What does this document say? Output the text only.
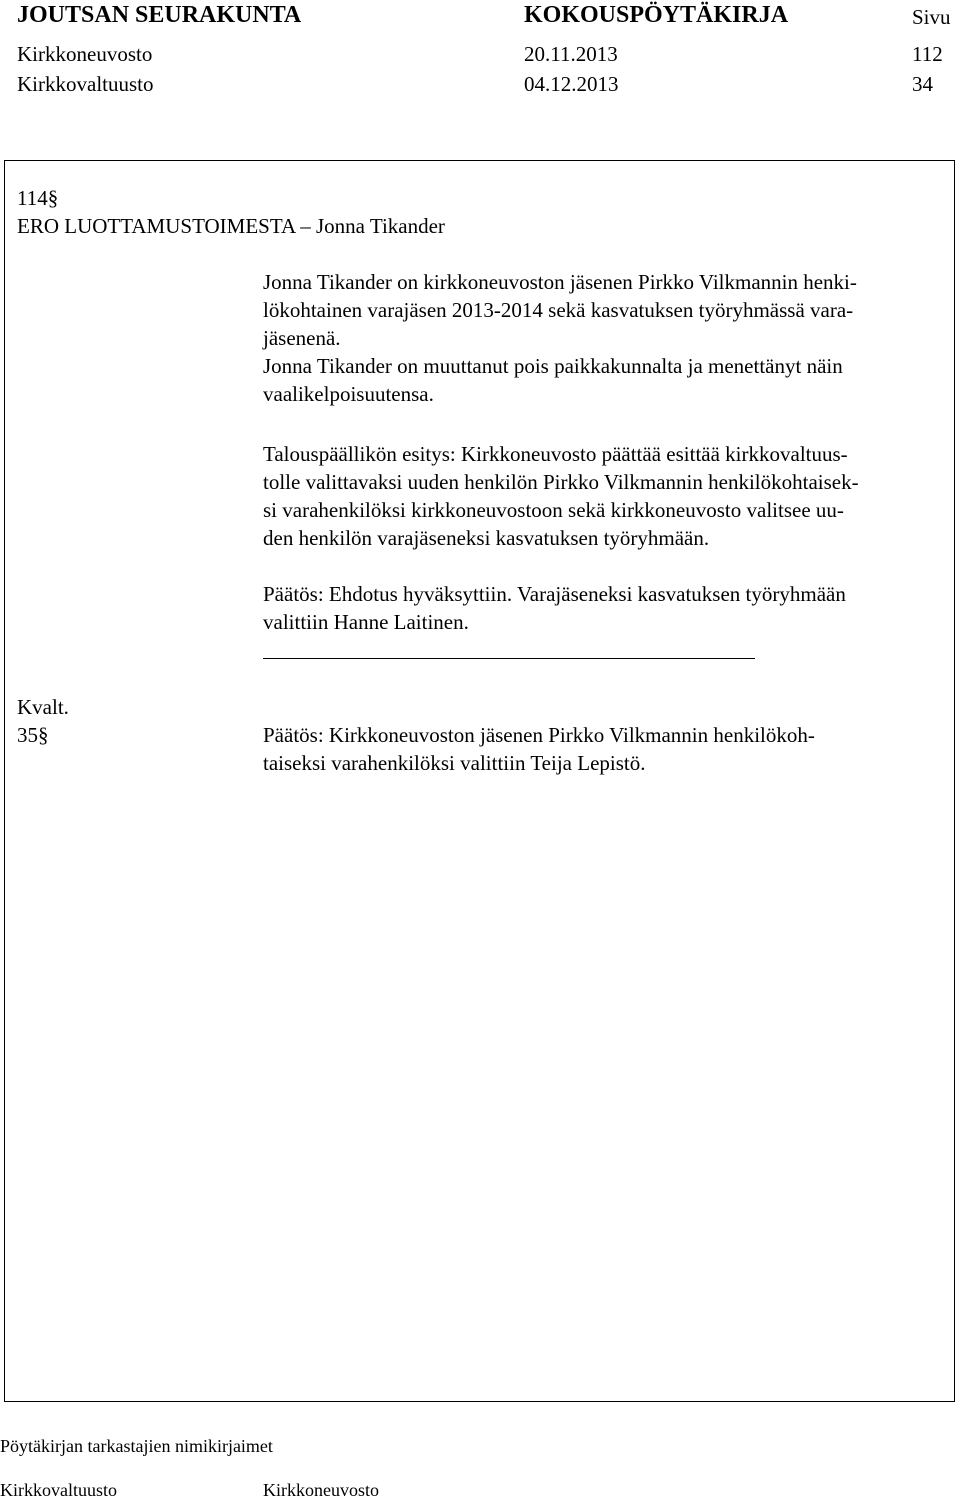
JOUTSAN SEURAKUNTA	KOKOUSPÖYTÄKIRJA	Sivu
Kirkkoneuvosto	20.11.2013	112
Kirkkovaltuusto	04.12.2013	34
114§
ERO LUOTTAMUSTOIMESTA – Jonna Tikander

Jonna Tikander on kirkkoneuvoston jäsenen Pirkko Vilkmannin henki-

lökohtainen varajäsen 2013-2014 sekä kasvatuksen työryhmässä vara-

jäsenenä.

Jonna Tikander on muuttanut pois paikkakunnalta ja menettänyt näin

vaalikelpoisuutensa.

Talouspäällikön esitys: Kirkkoneuvosto päättää esittää kirkkovaltuus-

tolle valittavaksi uuden henkilön Pirkko Vilkmannin henkilökohtaisek-

si varahenkilöksi kirkkoneuvostoon sekä kirkkoneuvosto valitsee uu-

den henkilön varajäseneksi kasvatuksen työryhmään.

Päätös: Ehdotus hyväksyttiin. Varajäseneksi kasvatuksen työryhmään

valittiin Hanne Laitinen.

Kvalt.
35§	Päätös: Kirkkoneuvoston jäsenen Pirkko Vilkmannin henkilökoh-

taiseksi varahenkilöksi valittiin Teija Lepistö.

Pöytäkirjan tarkastajien nimikirjaimet
Kirkkovaltuusto	Kirkkoneuvosto
